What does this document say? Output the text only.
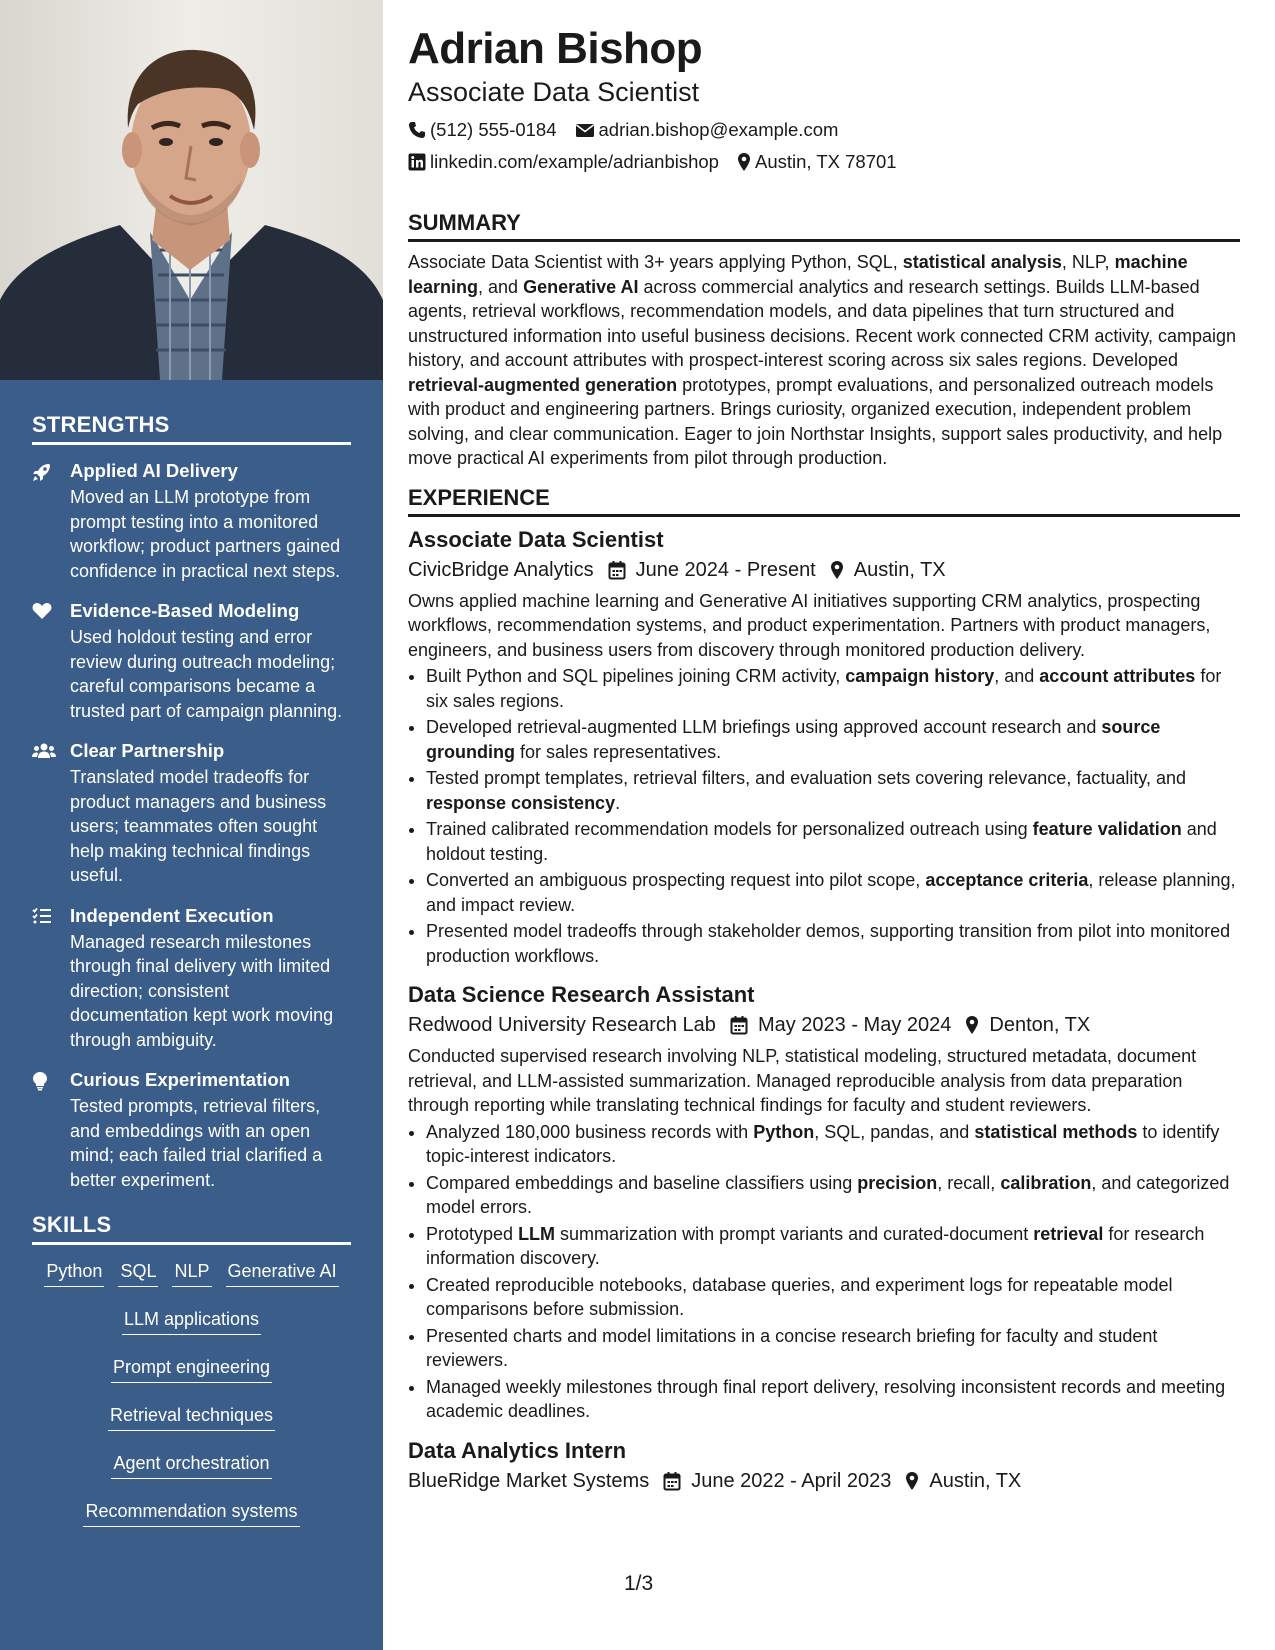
STRENGTHS
Applied AI Delivery
Moved an LLM prototype from prompt testing into a monitored workflow; product partners gained confidence in practical next steps.
Evidence-Based Modeling
Used holdout testing and error review during outreach modeling; careful comparisons became a trusted part of campaign planning.
Clear Partnership
Translated model tradeoffs for product managers and business users; teammates often sought help making technical findings useful.
Independent Execution
Managed research milestones through final delivery with limited direction; consistent documentation kept work moving through ambiguity.
Curious Experimentation
Tested prompts, retrieval filters, and embeddings with an open mind; each failed trial clarified a better experiment.
SKILLS
Python SQL NLP Generative AI
LLM applications
Prompt engineering
Retrieval techniques
Agent orchestration
Recommendation systems
Adrian Bishop
Associate Data Scientist
(512) 555-0184 adrian.bishop@example.com
linkedin.com/example/adrianbishop Austin, TX 78701
SUMMARY

Associate Data Scientist with 3+ years applying Python, SQL, statistical analysis, NLP, machine learning, and Generative AI across commercial analytics and research settings. Builds LLM-based agents, retrieval workflows, recommendation models, and data pipelines that turn structured and unstructured information into useful business decisions. Recent work connected CRM activity, campaign history, and account attributes with prospect-interest scoring across six sales regions. Developed retrieval-augmented generation prototypes, prompt evaluations, and personalized outreach models with product and engineering partners. Brings curiosity, organized execution, independent problem solving, and clear communication. Eager to join Northstar Insights, support sales productivity, and help move practical AI experiments from pilot through production.

EXPERIENCE
Associate Data Scientist
CivicBridge Analytics June 2024 - Present Austin, TX

Owns applied machine learning and Generative AI initiatives supporting CRM analytics, prospecting workflows, recommendation systems, and product experimentation. Partners with product managers, engineers, and business users from discovery through monitored production delivery.

• Built Python and SQL pipelines joining CRM activity, campaign history, and account attributes for six sales regions.
• Developed retrieval-augmented LLM briefings using approved account research and source grounding for sales representatives.
• Tested prompt templates, retrieval filters, and evaluation sets covering relevance, factuality, and response consistency.
• Trained calibrated recommendation models for personalized outreach using feature validation and holdout testing.
• Converted an ambiguous prospecting request into pilot scope, acceptance criteria, release planning, and impact review.
• Presented model tradeoffs through stakeholder demos, supporting transition from pilot into monitored production workflows.
Data Science Research Assistant
Redwood University Research Lab May 2023 - May 2024 Denton, TX

Conducted supervised research involving NLP, statistical modeling, structured metadata, document retrieval, and LLM-assisted summarization. Managed reproducible analysis from data preparation through reporting while translating technical findings for faculty and student reviewers.

• Analyzed 180,000 business records with Python, SQL, pandas, and statistical methods to identify topic-interest indicators.
• Compared embeddings and baseline classifiers using precision, recall, calibration, and categorized model errors.
• Prototyped LLM summarization with prompt variants and curated-document retrieval for research information discovery.
• Created reproducible notebooks, database queries, and experiment logs for repeatable model comparisons before submission.
• Presented charts and model limitations in a concise research briefing for faculty and student reviewers.
• Managed weekly milestones through final report delivery, resolving inconsistent records and meeting academic deadlines.
Data Analytics Intern
BlueRidge Market Systems June 2022 - April 2023 Austin, TX
1/3
